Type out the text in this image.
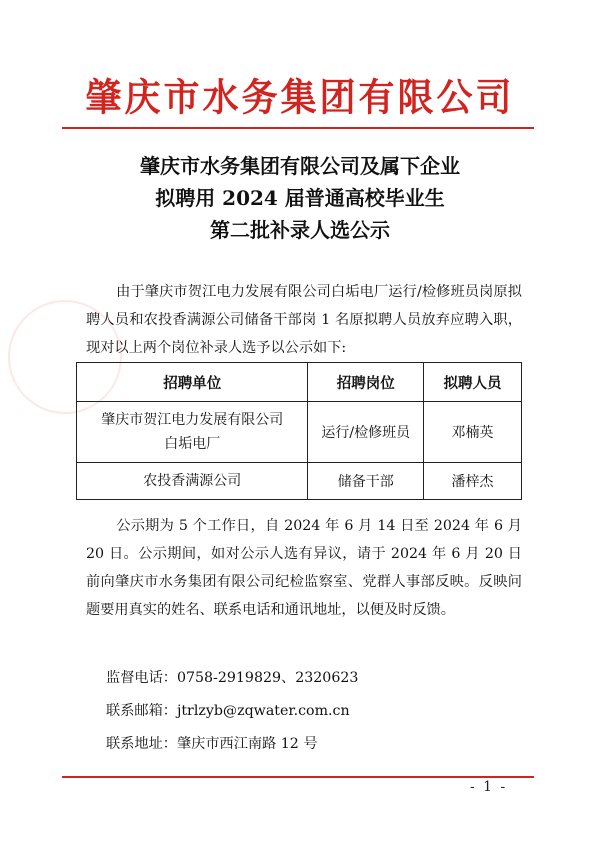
肇庆市水务集团有限公司
肇庆市水务集团有限公司及属下企业
拟聘用 2024 届普通高校毕业生
第二批补录人选公示
由于肇庆市贺江电力发展有限公司白垢电厂运行/检修班员岗原拟聘人员和农投香满源公司储备干部岗 1 名原拟聘人员放弃应聘入职，现对以上两个岗位补录人选予以公示如下:
招聘单位	招聘岗位	拟聘人员

肇庆市贺江电力发展有限公司
白垢电厂	运行/检修班员	邓楠英
农投香满源公司	储备干部	潘梓杰
公示期为 5 个工作日，自 2024 年 6 月 14 日至 2024 年 6 月 20 日。公示期间，如对公示人选有异议，请于 2024 年 6 月 20 日前向肇庆市水务集团有限公司纪检监察室、党群人事部反映。反映问题要用真实的姓名、联系电话和通讯地址，以便及时反馈。
监督电话：0758-2919829、2320623
联系邮箱：jtrlzyb@zqwater.com.cn
联系地址：肇庆市西江南路 12 号
- 1 -
